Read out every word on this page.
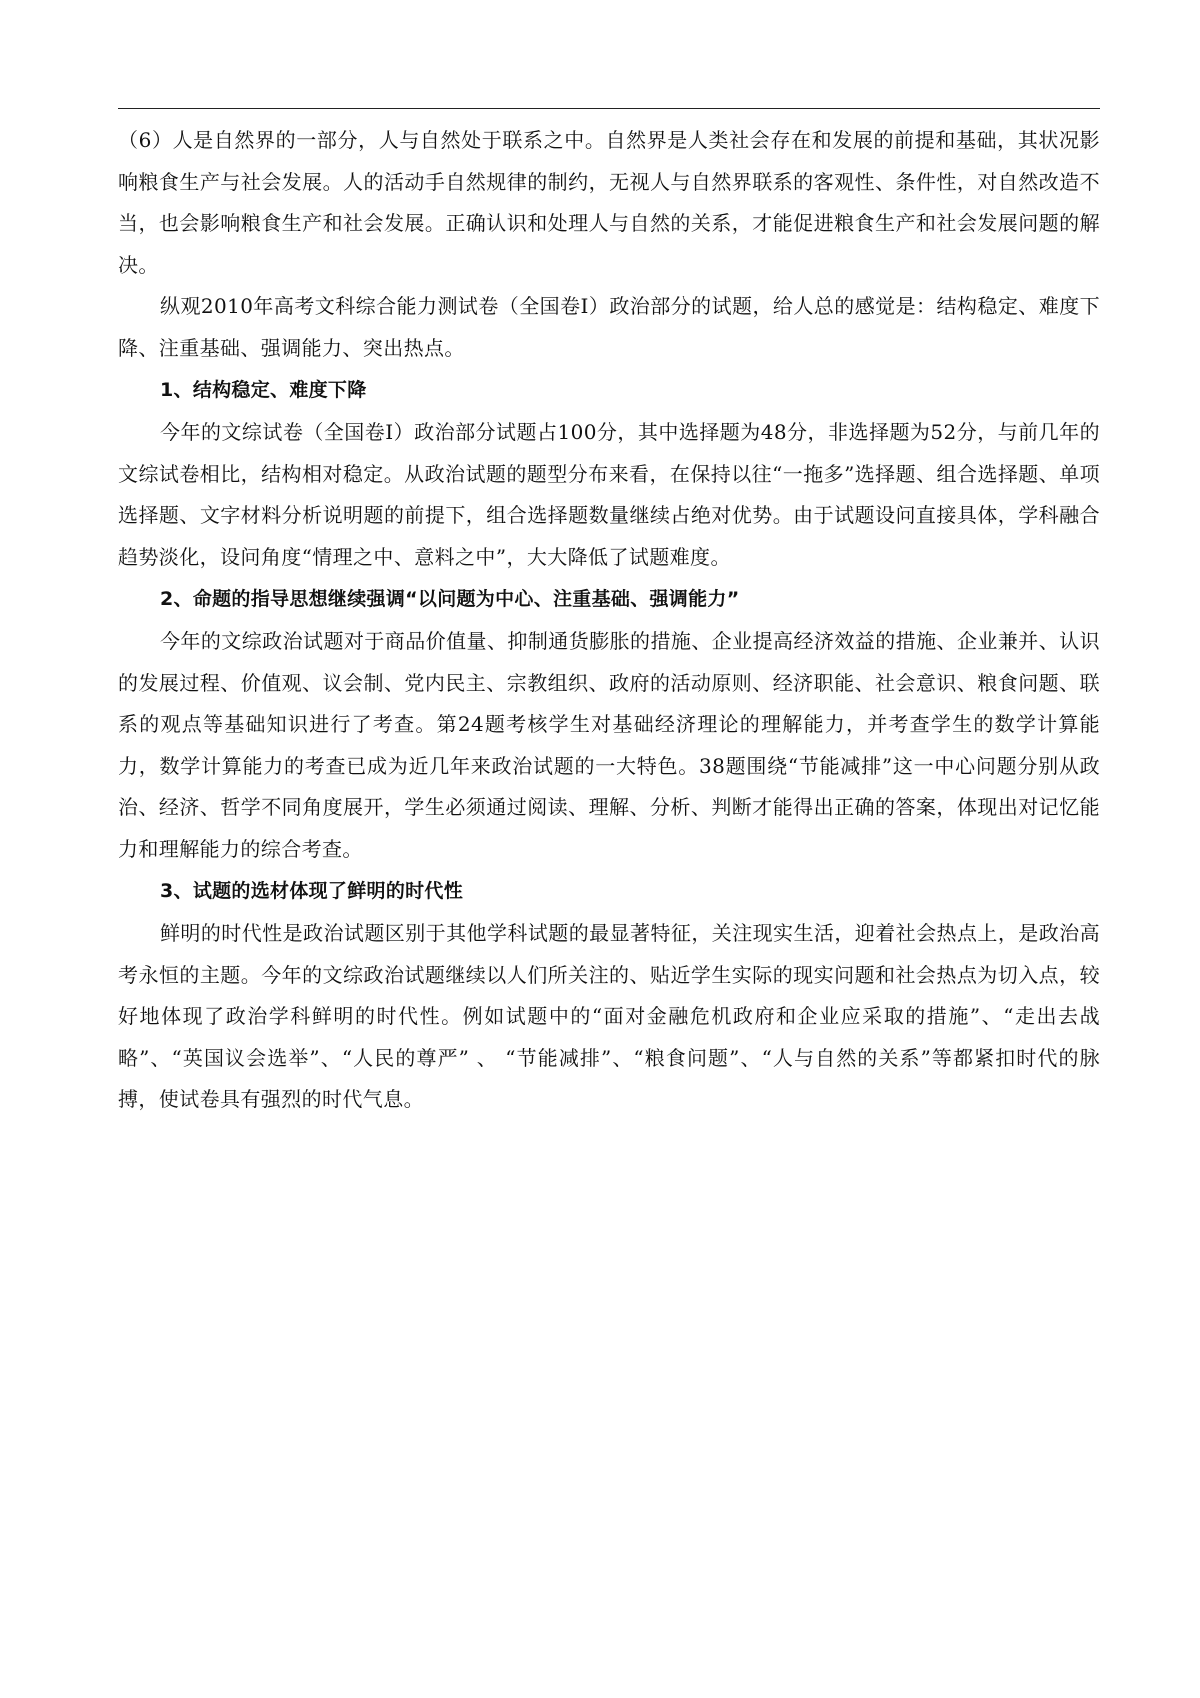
（6）人是自然界的一部分，人与自然处于联系之中。自然界是人类社会存在和发展的前提和基础，其状况影响粮食生产与社会发展。人的活动手自然规律的制约，无视人与自然界联系的客观性、条件性，对自然改造不当，也会影响粮食生产和社会发展。正确认识和处理人与自然的关系，才能促进粮食生产和社会发展问题的解决。

纵观2010年高考文科综合能力测试卷（全国卷Ⅰ）政治部分的试题，给人总的感觉是：结构稳定、难度下降、注重基础、强调能力、突出热点。

1、结构稳定、难度下降

今年的文综试卷（全国卷Ⅰ）政治部分试题占100分，其中选择题为48分，非选择题为52分，与前几年的文综试卷相比，结构相对稳定。从政治试题的题型分布来看，在保持以往“一拖多”选择题、组合选择题、单项选择题、文字材料分析说明题的前提下，组合选择题数量继续占绝对优势。由于试题设问直接具体，学科融合趋势淡化，设问角度“情理之中、意料之中”，大大降低了试题难度。

2、命题的指导思想继续强调“以问题为中心、注重基础、强调能力”

今年的文综政治试题对于商品价值量、抑制通货膨胀的措施、企业提高经济效益的措施、企业兼并、认识的发展过程、价值观、议会制、党内民主、宗教组织、政府的活动原则、经济职能、社会意识、粮食问题、联系的观点等基础知识进行了考查。第24题考核学生对基础经济理论的理解能力，并考查学生的数学计算能力，数学计算能力的考查已成为近几年来政治试题的一大特色。38题围绕“节能减排”这一中心问题分别从政治、经济、哲学不同角度展开，学生必须通过阅读、理解、分析、判断才能得出正确的答案，体现出对记忆能力和理解能力的综合考查。

3、试题的选材体现了鲜明的时代性

鲜明的时代性是政治试题区别于其他学科试题的最显著特征，关注现实生活，迎着社会热点上，是政治高考永恒的主题。今年的文综政治试题继续以人们所关注的、贴近学生实际的现实问题和社会热点为切入点，较好地体现了政治学科鲜明的时代性。例如试题中的“面对金融危机政府和企业应采取的措施”、“走出去战略”、“英国议会选举”、“人民的尊严” 、 “节能减排”、“粮食问题”、“人与自然的关系”等都紧扣时代的脉搏，使试卷具有强烈的时代气息。
